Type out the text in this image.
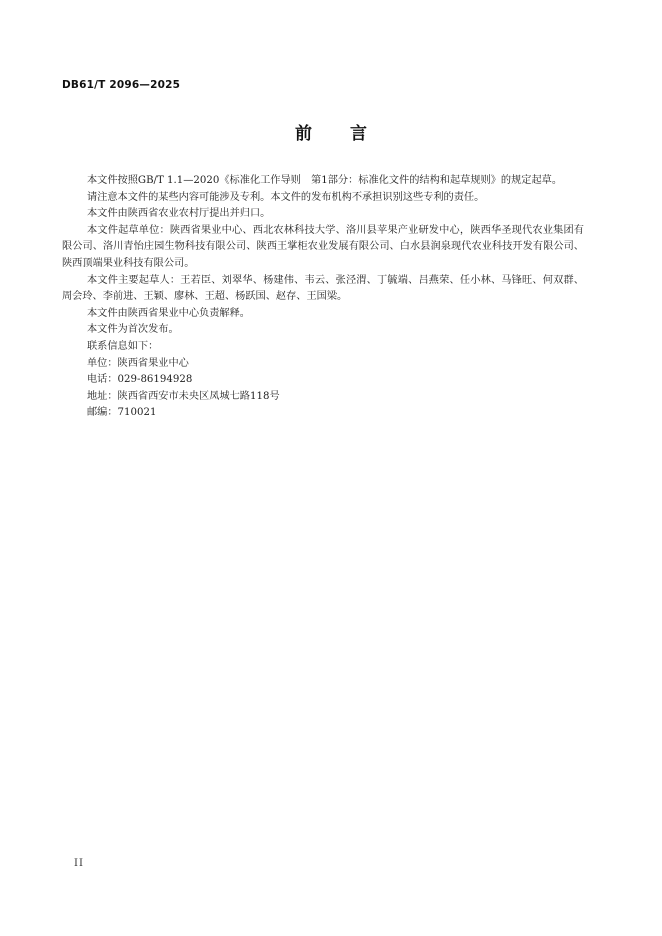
DB61/T 2096—2025
前 言

本文件按照GB/T 1.1—2020《标准化工作导则　第1部分：标准化文件的结构和起草规则》的规定起草。

请注意本文件的某些内容可能涉及专利。本文件的发布机构不承担识别这些专利的责任。

本文件由陕西省农业农村厅提出并归口。

本文件起草单位：陕西省果业中心、西北农林科技大学、洛川县苹果产业研发中心，陕西华圣现代农业集团有限公司、洛川青怡庄园生物科技有限公司、陕西王掌柜农业发展有限公司、白水县润泉现代农业科技开发有限公司、陕西顶端果业科技有限公司。

本文件主要起草人：王若臣、刘翠华、杨建伟、韦云、张泾渭、丁毓端、吕燕荣、任小林、马锋旺、何双群、周会玲、李前进、王颖、廖林、王超、杨跃国、赵存、王国梁。

本文件由陕西省果业中心负责解释。

本文件为首次发布。

联系信息如下：

单位：陕西省果业中心

电话：029-86194928

地址：陕西省西安市未央区凤城七路118号

邮编：710021

II
